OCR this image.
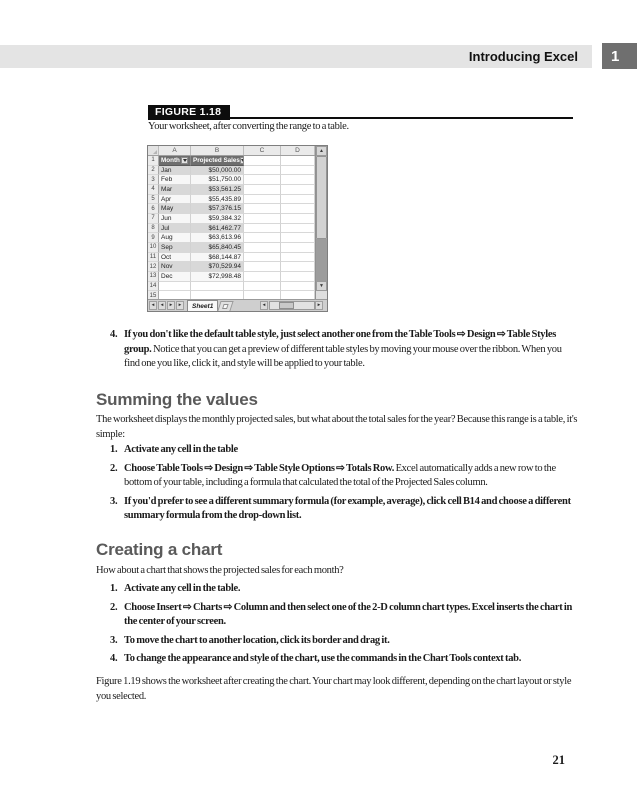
Introducing Excel 1
FIGURE 1.18
Your worksheet, after converting the range to a table.
A	B	C	D
1	Month Projected Sales
2 Jan	$50,000.00
3 Feb	$51,750.00
4 Mar	$53,561.25
5 Apr	$55,435.89
6 May	$57,376.15
7 Jun	$59,384.32
8 Jul	$61,462.77
9 Aug	$63,613.96
10 Sep	$65,840.45
11 Oct	$68,144.87
12 Nov	$70,529.94
13 Dec	$72,998.48
14
15
▲
▼
◄	◄	►	► Sheet1	◄	►
4. If you don't like the default table style, just select another one from the Table Tools ⇨ Design ⇨ Table Styles group. Notice that you can get a preview of different table styles by moving your mouse over the ribbon. When you find one you like, click it, and style will be applied to your table.
Summing the values
The worksheet displays the monthly projected sales, but what about the total sales for the year? Because this range is a table, it's simple:
1. Activate any cell in the table
2. Choose Table Tools ⇨ Design ⇨ Table Style Options ⇨ Totals Row. Excel automatically adds a new row to the bottom of your table, including a formula that calculated the total of the Projected Sales column.
3. If you'd prefer to see a different summary formula (for example, average), click cell B14 and choose a different summary formula from the drop-down list.
Creating a chart
How about a chart that shows the projected sales for each month?
1. Activate any cell in the table.
2. Choose Insert ⇨ Charts ⇨ Column and then select one of the 2-D column chart types. Excel inserts the chart in the center of your screen.
3. To move the chart to another location, click its border and drag it.
4. To change the appearance and style of the chart, use the commands in the Chart Tools context tab.
Figure 1.19 shows the worksheet after creating the chart. Your chart may look different, depending on the chart layout or style you selected.
21
